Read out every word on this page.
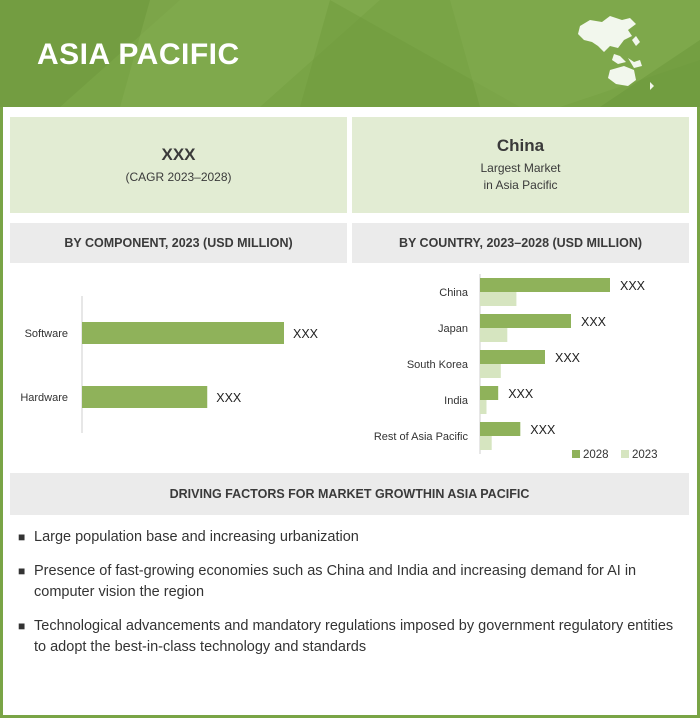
ASIA PACIFIC
XXX
(CAGR 2023–2028)
China
Largest Market
in Asia Pacific
BY COMPONENT, 2023 (USD MILLION)	BY COUNTRY, 2023–2028 (USD MILLION)
Software	XXX
Hardware	XXX
China	XXX
Japan	XXX
South Korea	XXX
India	XXX
Rest of Asia Pacific	XXX
2028 2023
DRIVING FACTORS FOR MARKET GROWTH IN ASIA PACIFIC
■ Large population base and increasing urbanization
■ Presence of fast-growing economies such as China and India and increasing demand for AI in computer vision the region
■ Technological advancements and mandatory regulations imposed by government regulatory entities to adopt the best-in-class technology and standards
